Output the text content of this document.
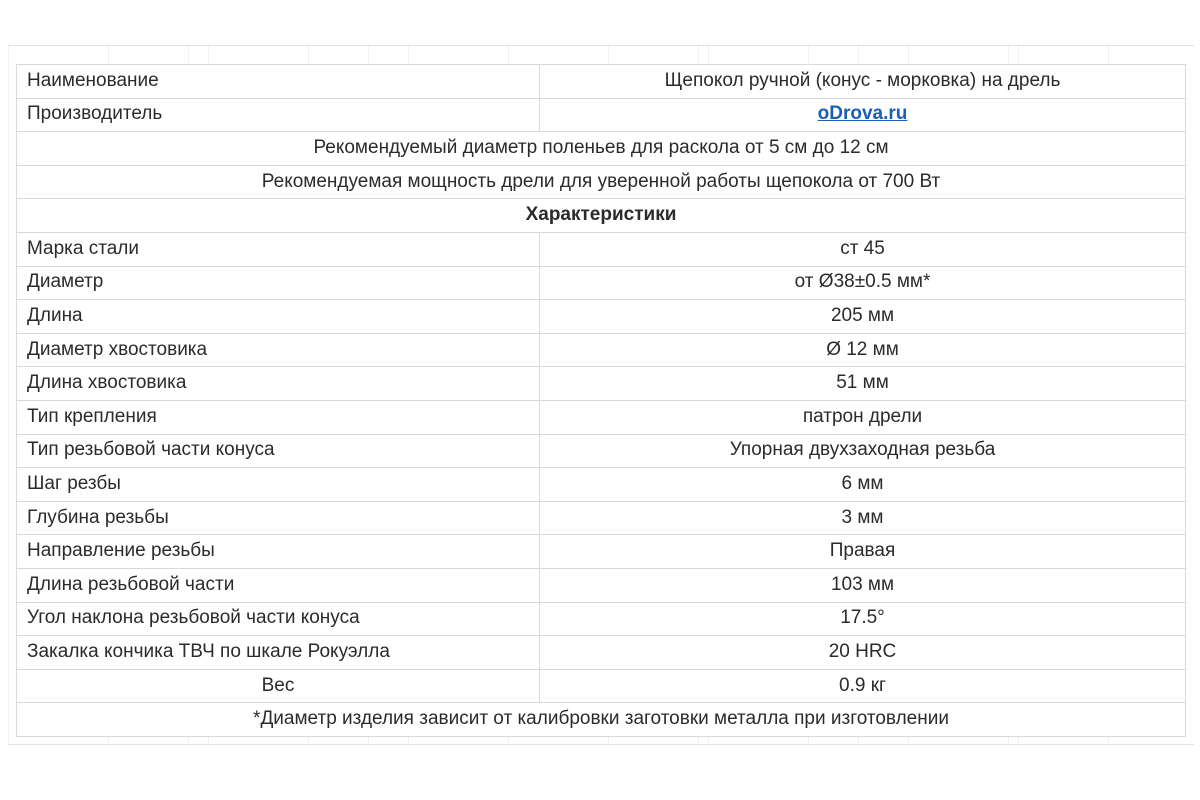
Наименование	Щепокол ручной (конус - морковка) на дрель
Производитель	oDrova.ru
Рекомендуемый диаметр поленьев для раскола от 5 см до 12 см	
Рекомендуемая мощность дрели для уверенной работы щепокола от 700 Вт	
Характеристики	
Марка стали	ст 45
Диаметр	от Ø38±0.5 мм*
Длина	205 мм
Диаметр хвостовика	Ø 12 мм
Длина хвостовика	51 мм
Тип крепления	патрон дрели
Тип резьбовой части конуса	Упорная двухзаходная резьба
Шаг резбы	6 мм
Глубина резьбы	3 мм
Направление резьбы	Правая
Длина резьбовой части	103 мм
Угол наклона резьбовой части конуса	17.5°
Закалка кончика ТВЧ по шкале Рокуэлла	20 HRC
Вес	0.9 кг
*Диаметр изделия зависит от калибровки заготовки металла при изготовлении	
